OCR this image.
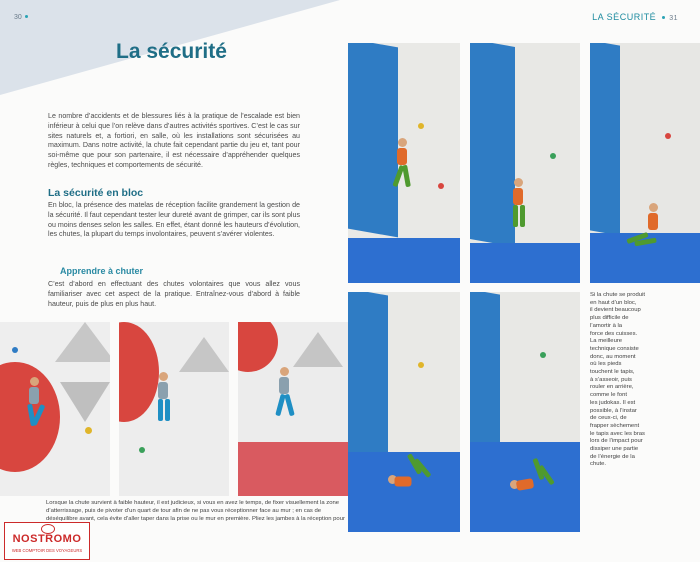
30	LA SÉCURITÉ 31
La sécurité
Le nombre d’accidents et de blessures liés à la pratique de l’escalade est bien inférieur à celui que l’on relève dans d’autres activités sportives. C’est le cas sur sites naturels et, a fortiori, en salle, où les installations sont sécurisées au maximum. Dans notre activité, la chute fait cependant partie du jeu et, tant pour soi-même que pour son partenaire, il est nécessaire d’appréhender quelques règles, techniques et comportements de sécurité.
La sécurité en bloc
En bloc, la présence des matelas de réception facilite grandement la gestion de la sécurité. Il faut cependant tester leur dureté avant de grimper, car ils sont plus ou moins denses selon les salles. En effet, étant donné les hauteurs d’évolution, les chutes, la plupart du temps involontaires, peuvent s’avérer violentes.
Apprendre à chuter
C’est d’abord en effectuant des chutes volontaires que vous allez vous familiariser avec cet aspect de la pratique. Entraînez-vous d’abord à faible hauteur, puis de plus en plus haut.
Lorsque la chute survient à faible hauteur, il est judicieux, si vous en avez le temps, de fixer visuellement la zone d’atterrissage, puis de pivoter d’un quart de tour afin de ne pas vous réceptionner face au mur ; en cas de déséquilibre avant, cela évite d’aller taper dans la prise ou le mur en première. Pliez les jambes à la réception pour
Si la chute se produit
en haut d’un bloc,
il devient beaucoup
plus difficile de
l’amortir à la
force des cuisses.
La meilleure
technique consiste
donc, au moment
où les pieds
touchent le tapis,
à s’asseoir, puis
rouler en arrière,
comme le font
les judokas. Il est
possible, à l’instar
de ceux-ci, de
frapper sèchement
le tapis avec les bras
lors de l’impact pour
dissiper une partie
de l’énergie de la
chute.
NOSTROMO
WEB COMPTOIR DES VOYAGEURS
